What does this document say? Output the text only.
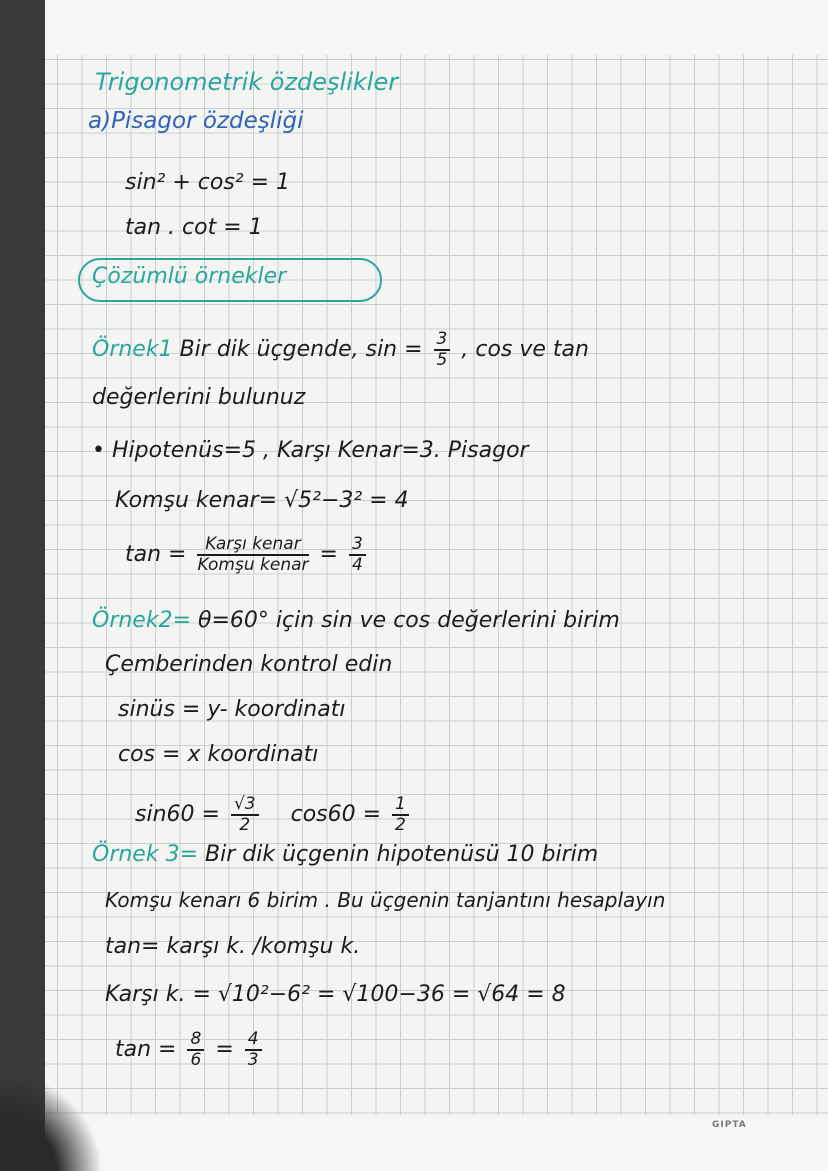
Trigonometrik özdeşlikler
a)Pisagor özdeşliği
sin² + cos² = 1
tan . cot = 1
Çözümlü örnekler
Örnek1 Bir dik üçgende, $\sin = \frac{3}{5}$ , cos ve tan
değerlerini bulunuz
• Hipotenüs=5 , Karşı Kenar=3. Pisagor
Komşu kenar= √5²−3² = 4
$\tan = \frac{\text{Karşı kenar}}{\text{Komşu kenar}} = \frac{3}{4}$
Örnek2= θ=60° için sin ve cos değerlerini birim
Çemberinden kontrol edin
sinüs = y- koordinatı
cos = x koordinatı
$\sin 60 = \frac{√3}{2} \cos 60 = \frac{1}{2}$
Örnek 3= Bir dik üçgenin hipotenüsü 10 birim
Komşu kenarı 6 birim . Bu üçgenin tanjantını hesaplayın
tan= karşı k. /komşu k.
Karşı k. = √10²−6² = √100−36 = √64 = 8
$\tan = \frac{8}{6} = \frac{4}{3}$
GIPTA
